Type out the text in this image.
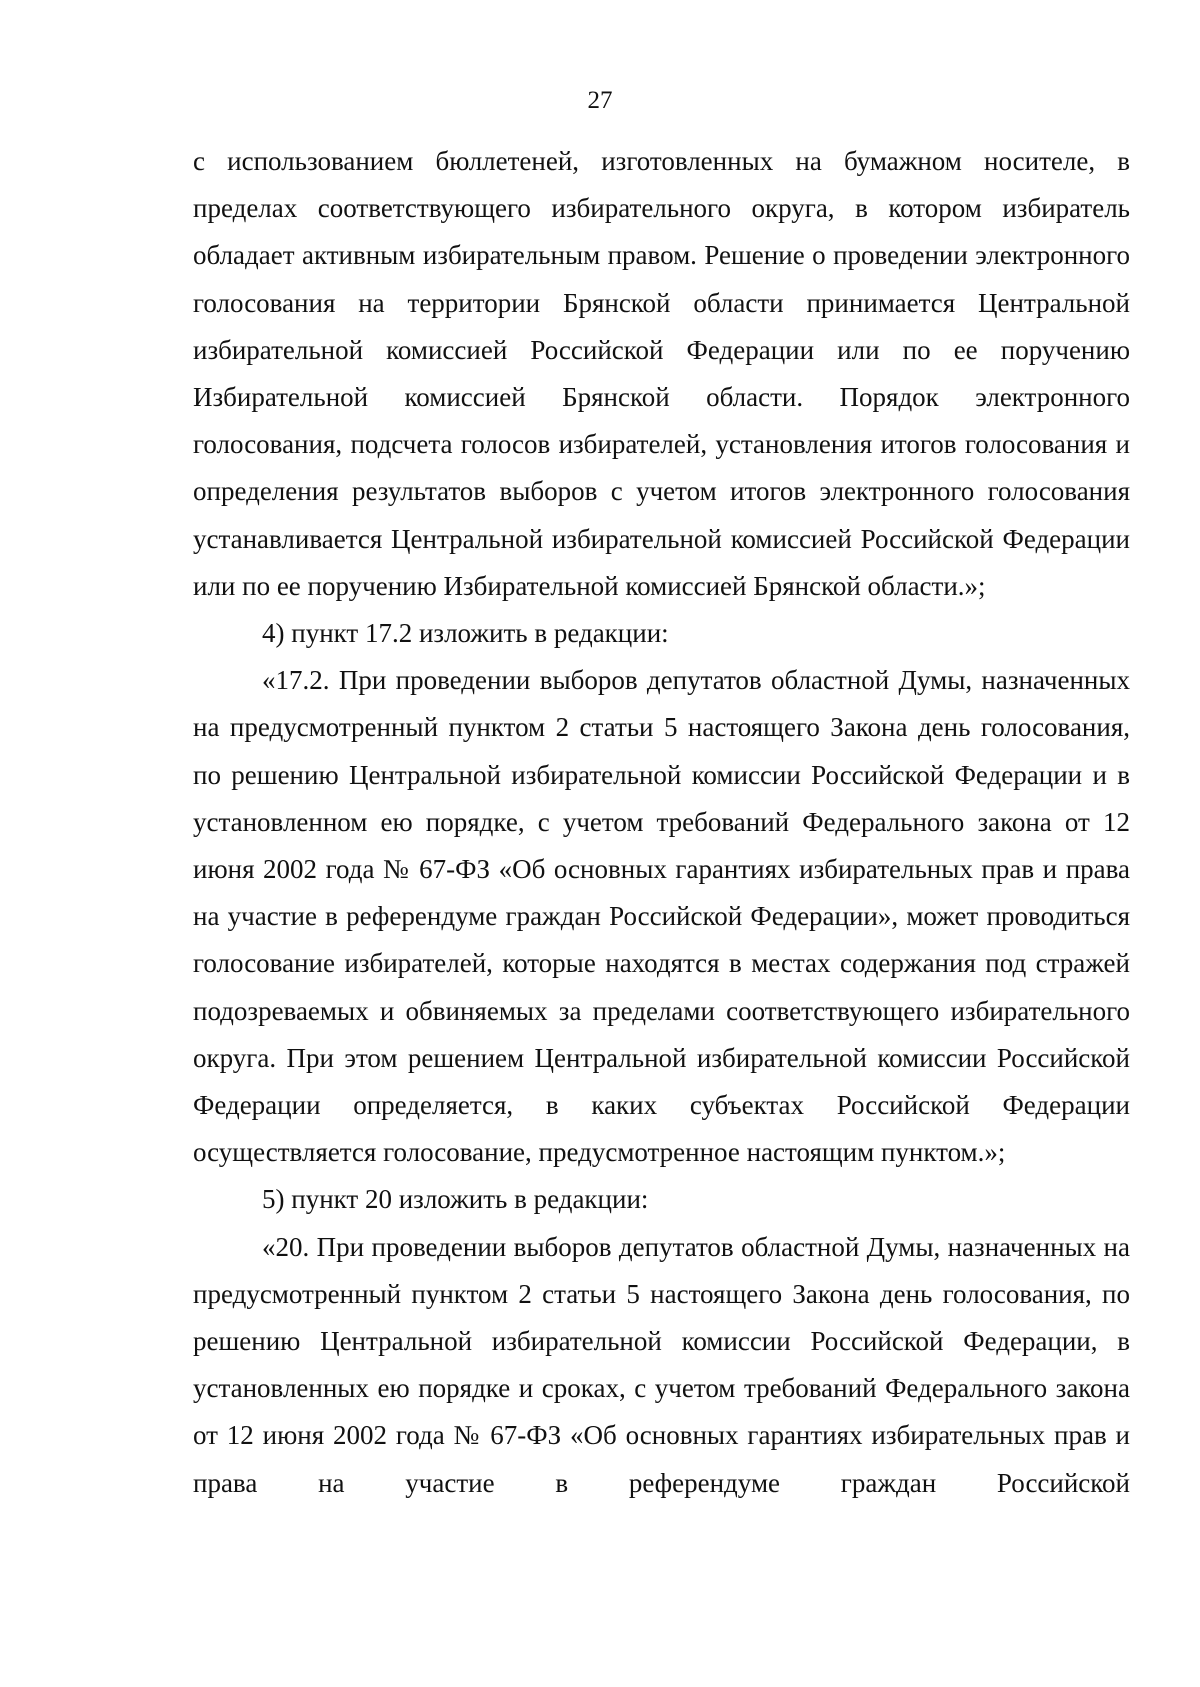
27

с использованием бюллетеней, изготовленных на бумажном носителе, в пределах соответствующего избирательного округа, в котором избиратель обладает активным избирательным правом. Решение о проведении электронного голосования на территории Брянской области принимается Центральной избирательной комиссией Российской Федерации или по ее поручению Избирательной комиссией Брянской области. Порядок электронного голосования, подсчета голосов избирателей, установления итогов голосования и определения результатов выборов с учетом итогов электронного голосования устанавливается Центральной избирательной комиссией Российской Федерации или по ее поручению Избирательной комиссией Брянской области.»;

4) пункт 17.2 изложить в редакции:

«17.2. При проведении выборов депутатов областной Думы, назначенных на предусмотренный пунктом 2 статьи 5 настоящего Закона день голосования, по решению Центральной избирательной комиссии Российской Федерации и в установленном ею порядке, с учетом требований Федерального закона от 12 июня 2002 года № 67-ФЗ «Об основных гарантиях избирательных прав и права на участие в референдуме граждан Российской Федерации», может проводиться голосование избирателей, которые находятся в местах содержания под стражей подозреваемых и обвиняемых за пределами соответствующего избирательного округа. При этом решением Центральной избирательной комиссии Российской Федерации определяется, в каких субъектах Российской Федерации осуществляется голосование, предусмотренное настоящим пунктом.»;

5) пункт 20 изложить в редакции:

«20. При проведении выборов депутатов областной Думы, назначенных на предусмотренный пунктом 2 статьи 5 настоящего Закона день голосования, по решению Центральной избирательной комиссии Российской Федерации, в установленных ею порядке и сроках, с учетом требований Федерального закона от 12 июня 2002 года № 67-ФЗ «Об основных гарантиях избирательных прав и права на участие в референдуме граждан Российской
